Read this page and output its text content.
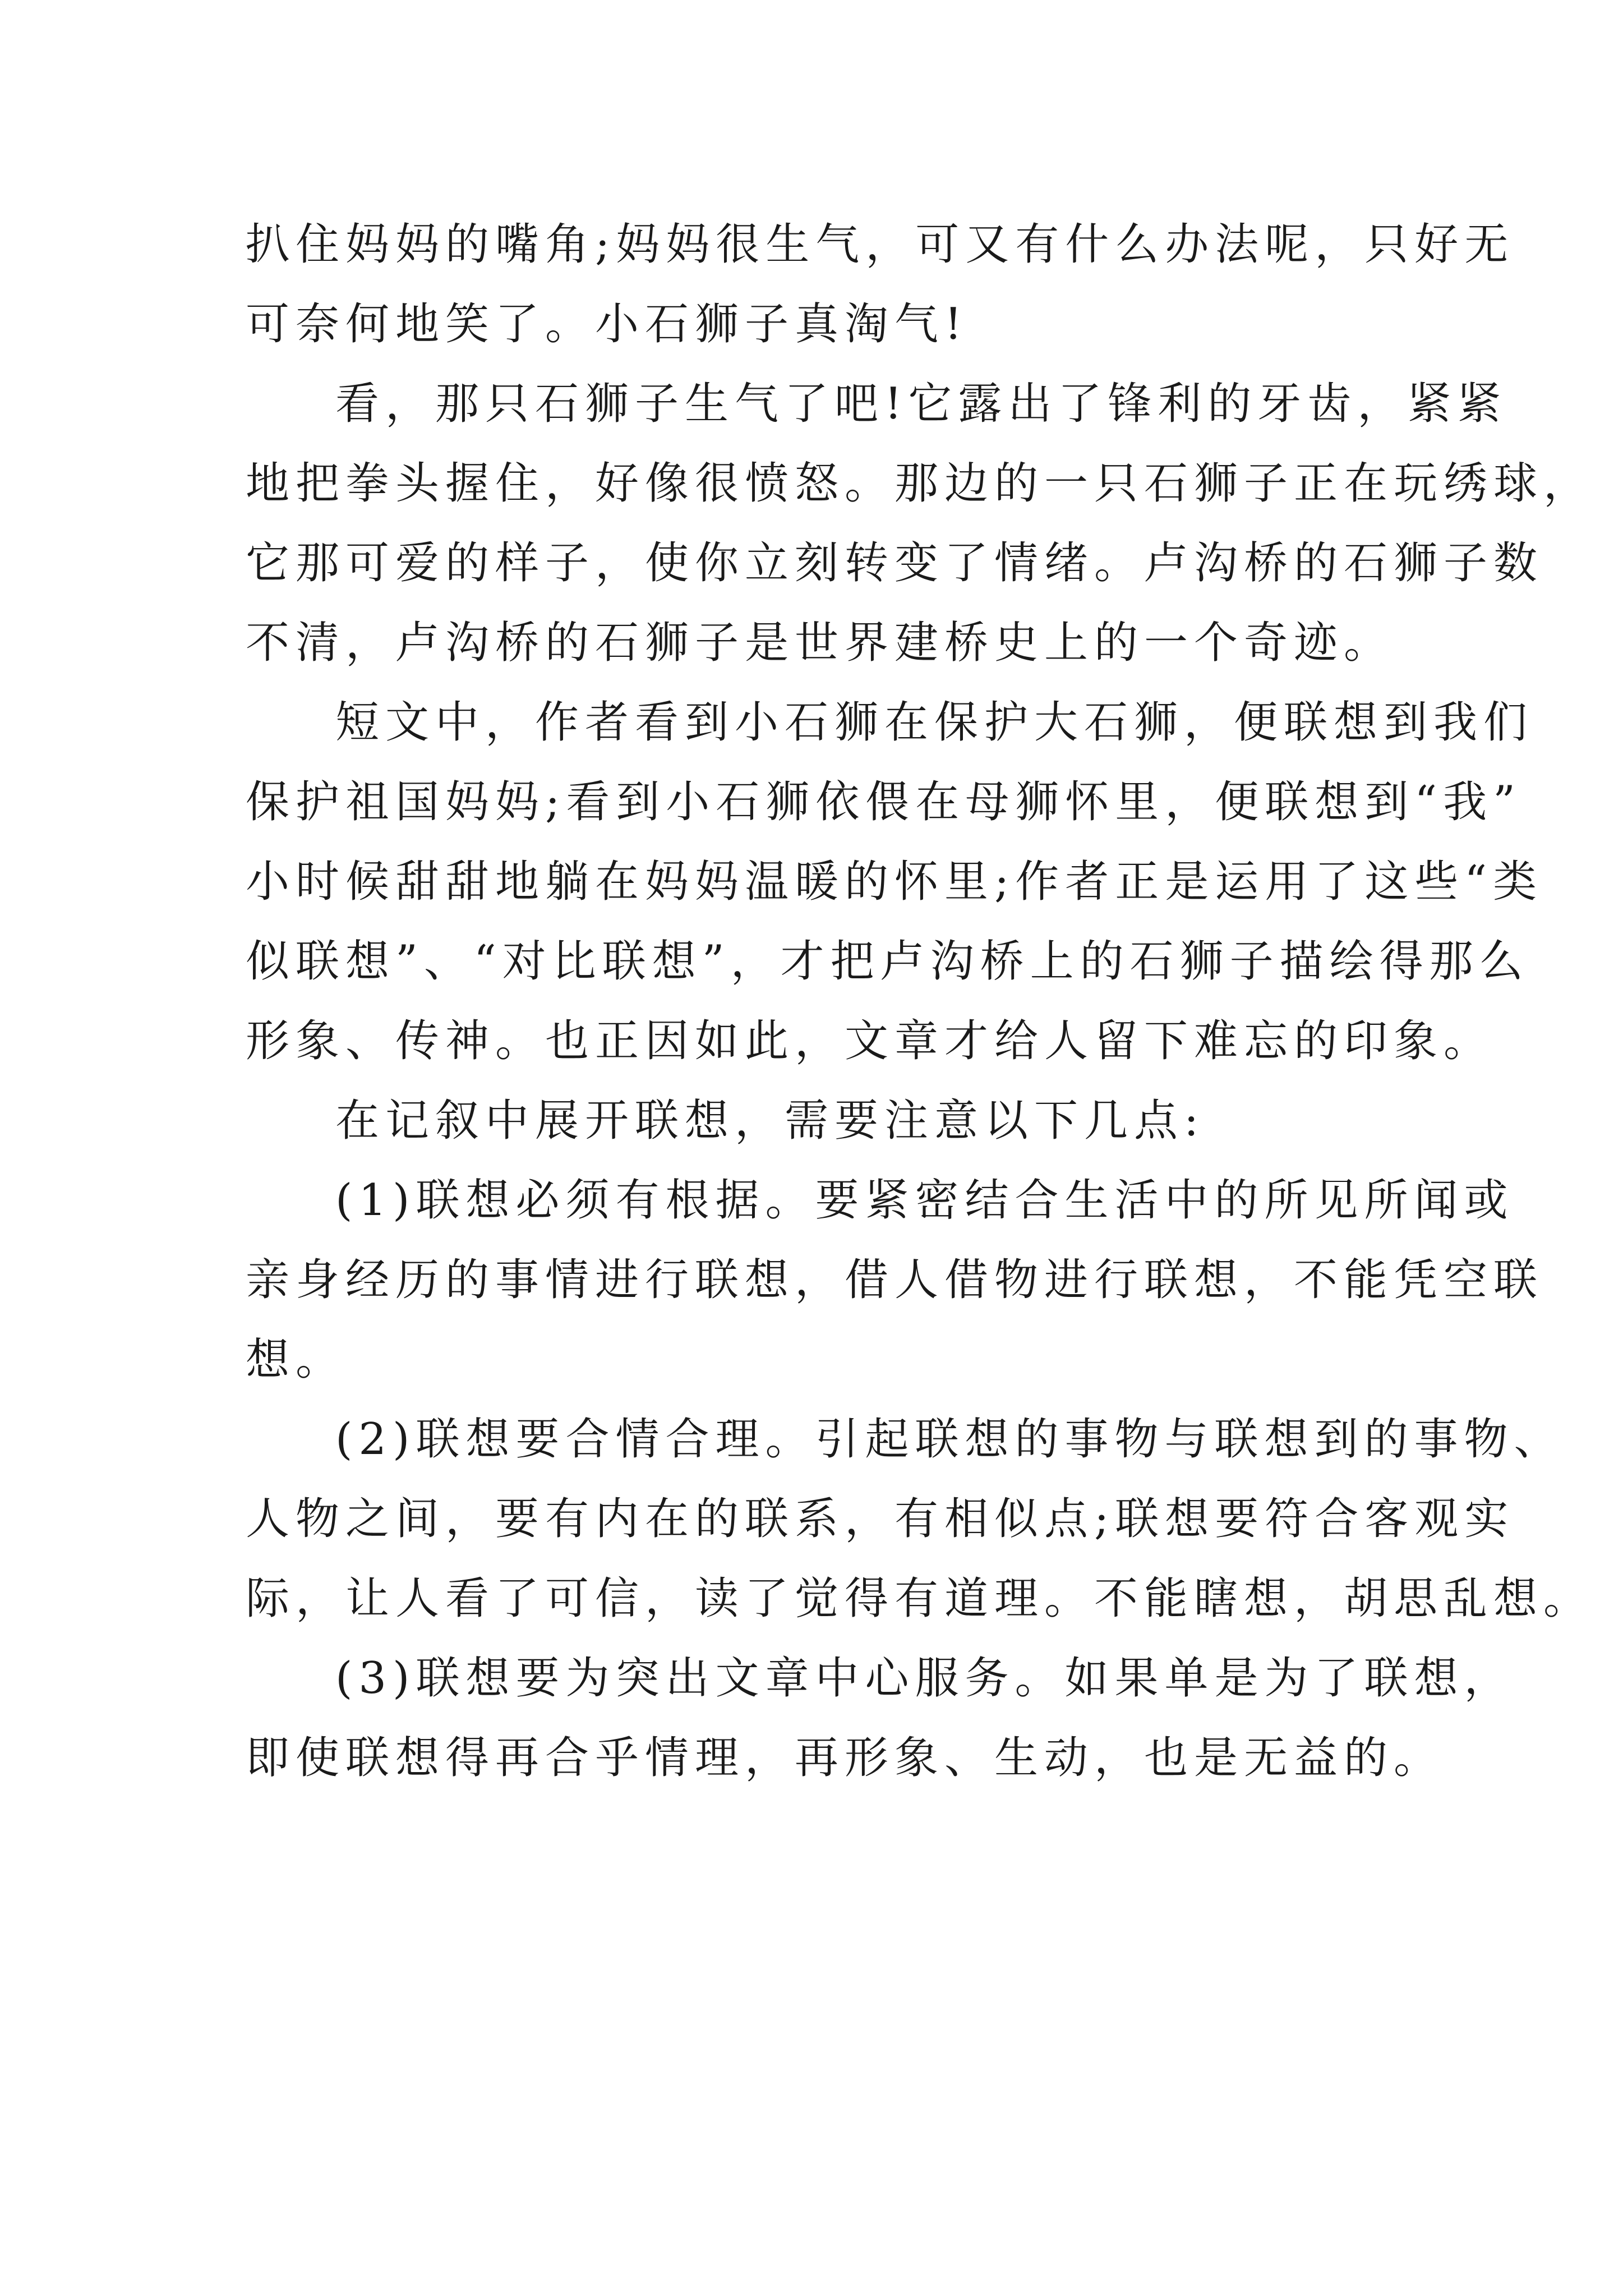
扒住妈妈的嘴角;妈妈很生气，可又有什么办法呢，只好无
可奈何地笑了。小石狮子真淘气!
看，那只石狮子生气了吧!它露出了锋利的牙齿，紧紧
地把拳头握住，好像很愤怒。那边的一只石狮子正在玩绣球，
它那可爱的样子，使你立刻转变了情绪。卢沟桥的石狮子数
不清，卢沟桥的石狮子是世界建桥史上的一个奇迹。
短文中，作者看到小石狮在保护大石狮，便联想到我们
保护祖国妈妈;看到小石狮依偎在母狮怀里，便联想到“我”
小时候甜甜地躺在妈妈温暖的怀里;作者正是运用了这些“类
似联想”、“对比联想”，才把卢沟桥上的石狮子描绘得那么
形象、传神。也正因如此，文章才给人留下难忘的印象。
在记叙中展开联想，需要注意以下几点:
(1)联想必须有根据。要紧密结合生活中的所见所闻或
亲身经历的事情进行联想，借人借物进行联想，不能凭空联
想。
(2)联想要合情合理。引起联想的事物与联想到的事物、
人物之间，要有内在的联系，有相似点;联想要符合客观实
际，让人看了可信，读了觉得有道理。不能瞎想，胡思乱想。
(3)联想要为突出文章中心服务。如果单是为了联想，
即使联想得再合乎情理，再形象、生动，也是无益的。
